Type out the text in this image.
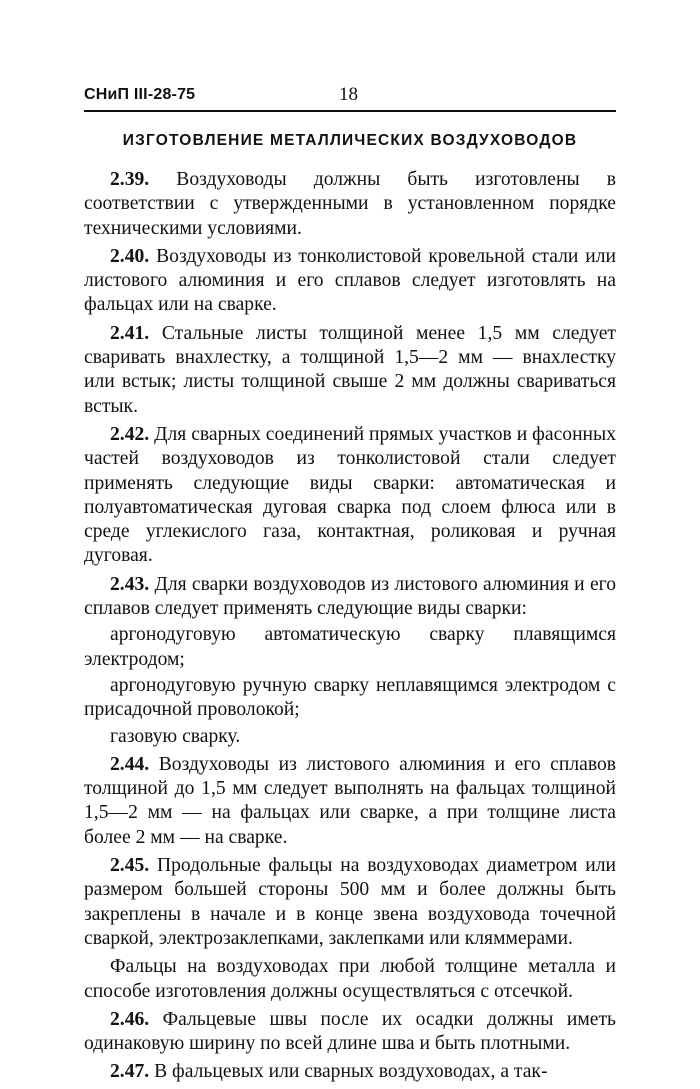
СНиП III-28-75	18
ИЗГОТОВЛЕНИЕ МЕТАЛЛИЧЕСКИХ ВОЗДУХОВОДОВ

2.39. Воздуховоды должны быть изготовлены в соответствии с утвержденными в установленном порядке техническими условиями.

2.40. Воздуховоды из тонколистовой кровельной стали или листового алюминия и его сплавов следует изготовлять на фальцах или на сварке.

2.41. Стальные листы толщиной менее 1,5 мм следует сваривать внахлестку, а толщиной 1,5—2 мм — внахлестку или встык; листы толщиной свыше 2 мм должны свариваться встык.

2.42. Для сварных соединений прямых участков и фасонных частей воздуховодов из тонколистовой стали следует применять следующие виды сварки: автоматическая и полуавтоматическая дуговая сварка под слоем флюса или в среде углекислого газа, контактная, роликовая и ручная дуговая.

2.43. Для сварки воздуховодов из листового алюминия и его сплавов следует применять следующие виды сварки:

аргонодуговую автоматическую сварку плавящимся электродом;

аргонодуговую ручную сварку неплавящимся электродом с присадочной проволокой;

газовую сварку.

2.44. Воздуховоды из листового алюминия и его сплавов толщиной до 1,5 мм следует выполнять на фальцах толщиной 1,5—2 мм — на фальцах или сварке, а при толщине листа более 2 мм — на сварке.

2.45. Продольные фальцы на воздуховодах диаметром или размером большей стороны 500 мм и более должны быть закреплены в начале и в конце звена воздуховода точечной сваркой, электрозаклепками, заклепками или кляммерами.

Фальцы на воздуховодах при любой толщине металла и способе изготовления должны осуществляться с отсечкой.

2.46. Фальцевые швы после их осадки должны иметь одинаковую ширину по всей длине шва и быть плотными.

2.47. В фальцевых или сварных воздуховодах, а так-
